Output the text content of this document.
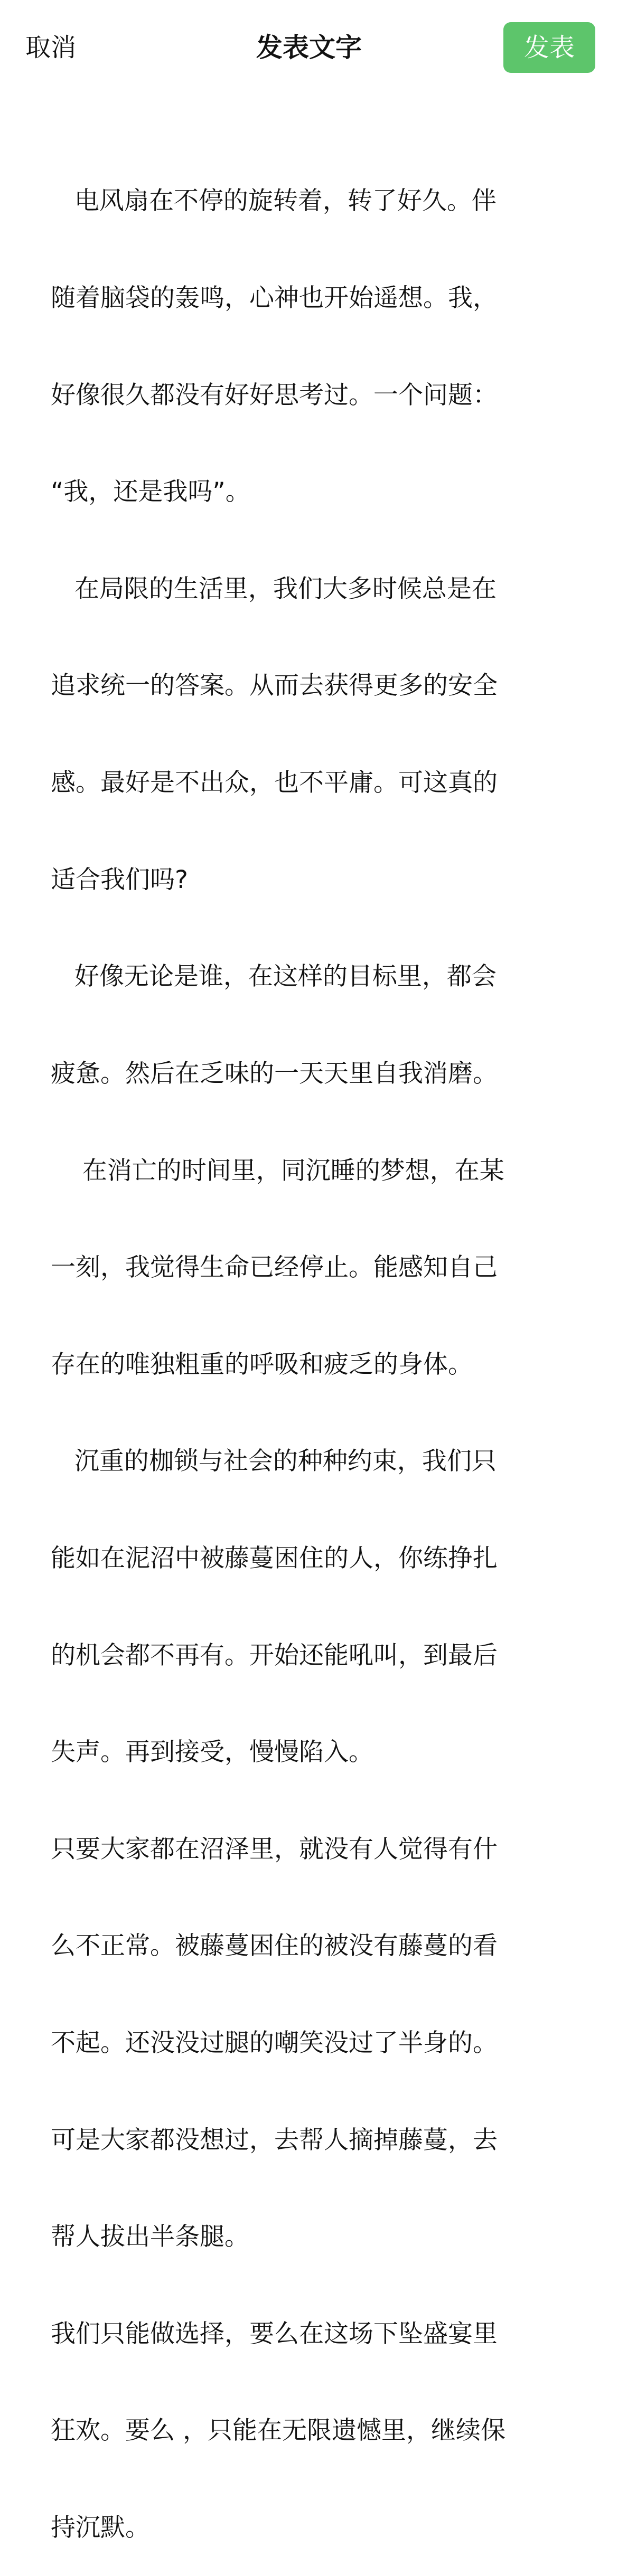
取消	发表文字	发表

电风扇在不停的旋转着，转了好久。伴

随着脑袋的轰鸣，心神也开始遥想。我，

好像很久都没有好好思考过。一个问题：

“我，还是我吗”。

在局限的生活里，我们大多时候总是在

追求统一的答案。从而去获得更多的安全

感。最好是不出众，也不平庸。可这真的

适合我们吗?

好像无论是谁，在这样的目标里，都会

疲惫。然后在乏味的一天天里自我消磨。

在消亡的时间里，同沉睡的梦想，在某

一刻，我觉得生命已经停止。能感知自己

存在的唯独粗重的呼吸和疲乏的身体。

沉重的枷锁与社会的种种约束，我们只

能如在泥沼中被藤蔓困住的人，你练挣扎

的机会都不再有。开始还能吼叫，到最后

失声。再到接受，慢慢陷入。

只要大家都在沼泽里，就没有人觉得有什

么不正常。被藤蔓困住的被没有藤蔓的看

不起。还没没过腿的嘲笑没过了半身的。

可是大家都没想过，去帮人摘掉藤蔓，去

帮人拔出半条腿。

我们只能做选择，要么在这场下坠盛宴里

狂欢。要么 ，只能在无限遗憾里，继续保

持沉默。
